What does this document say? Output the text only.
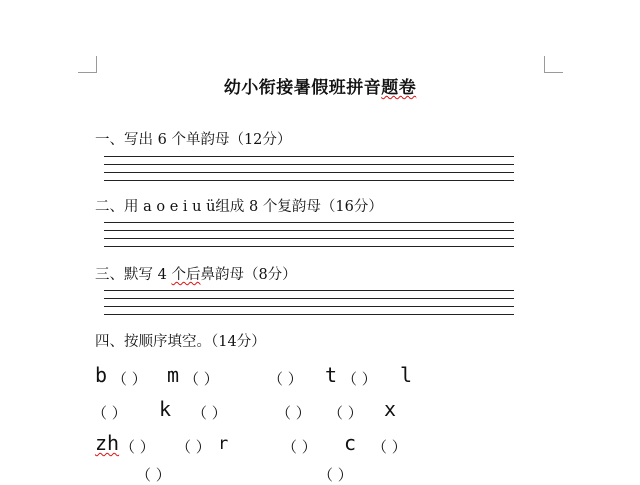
幼小衔接暑假班拼音题卷
一、写出 6 个单韵母（12分）
二、用 a o e i u ü组成 8 个复韵母（16分）
三、默写 4 个后鼻韵母（8分）
四、按顺序填空。（14分）
b （ ） m （ ）	（ ） t （ ） l
（ ） k （ ）	（ ） （ ） x
zh （ ） （ ） r	（ ） c （ ）
（ ）	（ ）
